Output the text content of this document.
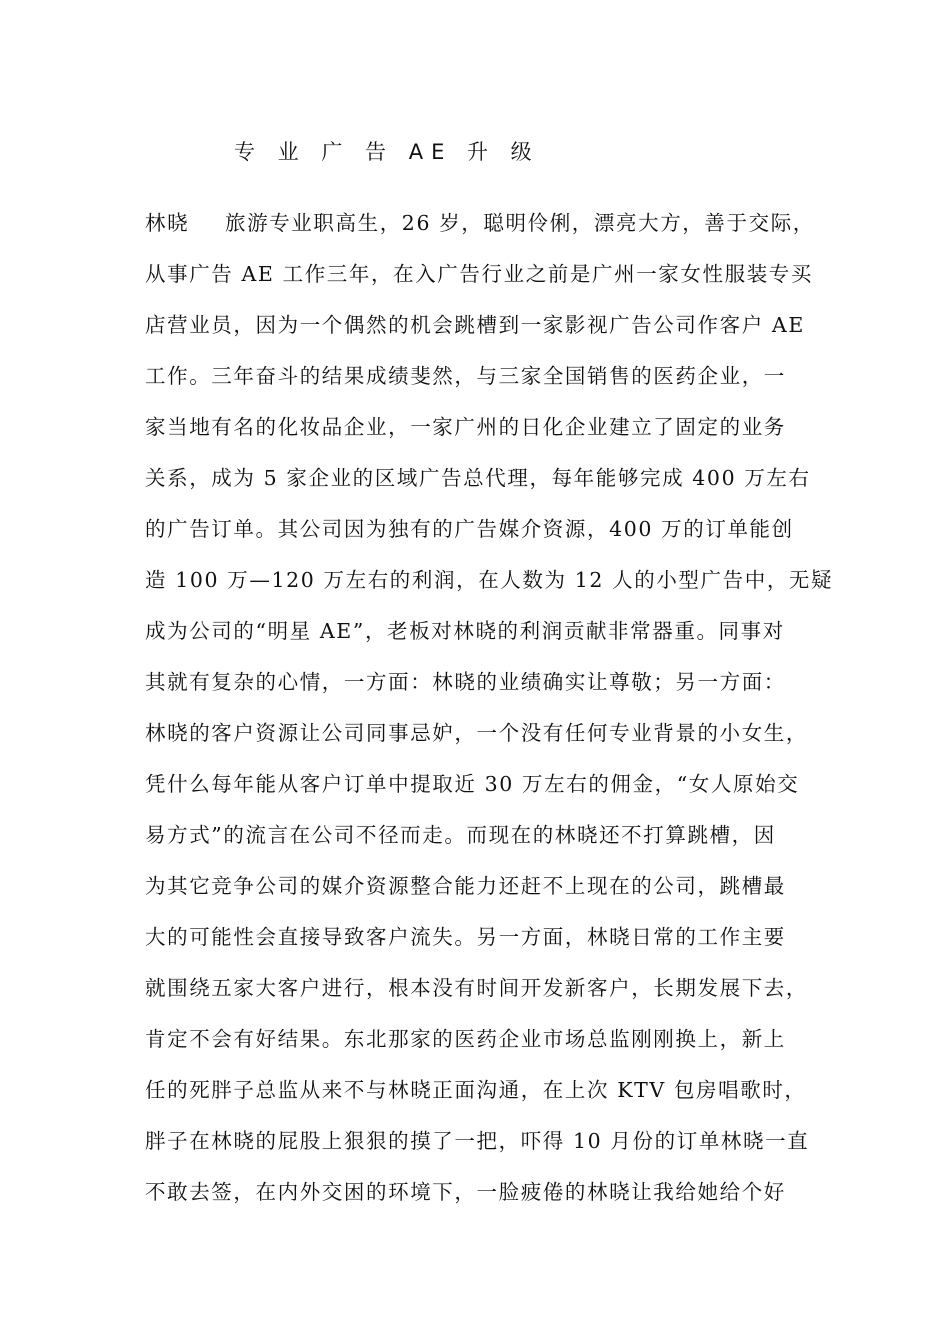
专 业 广 告 AE 升 级
林晓 旅游专业职高生，26 岁，聪明伶俐，漂亮大方，善于交际，
从事广告 AE 工作三年，在入广告行业之前是广州一家女性服装专买
店营业员，因为一个偶然的机会跳槽到一家影视广告公司作客户 AE
工作。三年奋斗的结果成绩斐然，与三家全国销售的医药企业，一
家当地有名的化妆品企业，一家广州的日化企业建立了固定的业务
关系，成为 5 家企业的区域广告总代理，每年能够完成 400 万左右
的广告订单。其公司因为独有的广告媒介资源，400 万的订单能创
造 100 万—120 万左右的利润，在人数为 12 人的小型广告中，无疑
成为公司的“明星 AE”，老板对林晓的利润贡献非常器重。同事对
其就有复杂的心情，一方面：林晓的业绩确实让尊敬；另一方面：
林晓的客户资源让公司同事忌妒，一个没有任何专业背景的小女生，
凭什么每年能从客户订单中提取近 30 万左右的佣金，“女人原始交
易方式”的流言在公司不径而走。而现在的林晓还不打算跳槽，因
为其它竞争公司的媒介资源整合能力还赶不上现在的公司，跳槽最
大的可能性会直接导致客户流失。另一方面，林晓日常的工作主要
就围绕五家大客户进行，根本没有时间开发新客户，长期发展下去，
肯定不会有好结果。东北那家的医药企业市场总监刚刚换上，新上
任的死胖子总监从来不与林晓正面沟通，在上次 KTV 包房唱歌时，
胖子在林晓的屁股上狠狠的摸了一把，吓得 10 月份的订单林晓一直
不敢去签，在内外交困的环境下，一脸疲倦的林晓让我给她给个好
